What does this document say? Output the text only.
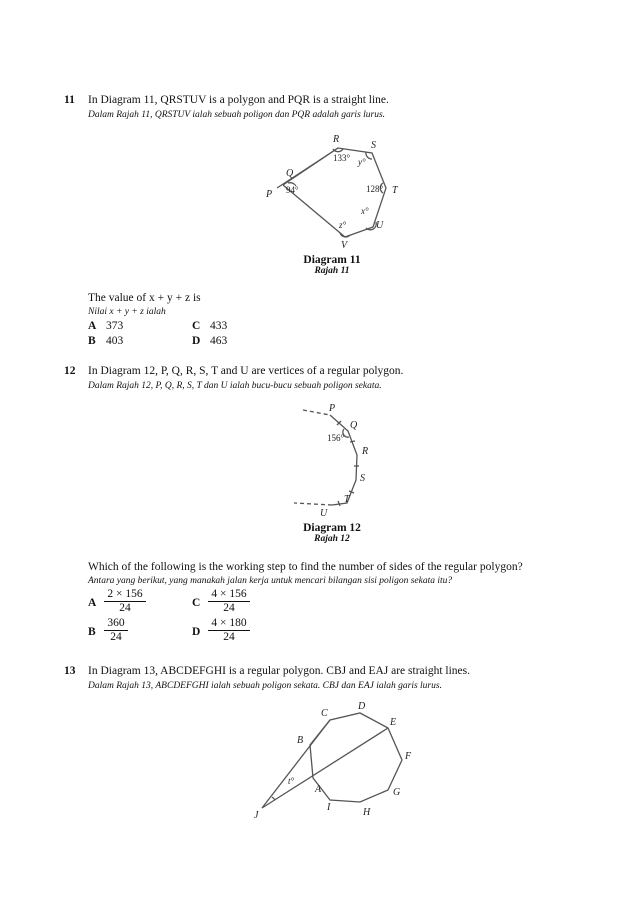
11 In Diagram 11, QRSTUV is a polygon and PQR is a straight line.
Dalam Rajah 11, QRSTUV ialah sebuah poligon dan PQR adalah garis lurus.
P
Q
R
S
T
U
V
94°
133° y°
128°
x°
z°
Diagram 11
Rajah 11
The value of x + y + z is
Nilai x + y + z ialah
A 373
B 403
C 433
D 463
12 In Diagram 12, P, Q, R, S, T and U are vertices of a regular polygon.
Dalam Rajah 12, P, Q, R, S, T dan U ialah bucu-bucu sebuah poligon sekata.
P
Q
R
S
T
U
156°
Diagram 12
Rajah 12
Which of the following is the working step to find the number of sides of the regular polygon?
Antara yang berikut, yang manakah jalan kerja untuk mencari bilangan sisi poligon sekata itu?
A $\frac{2 \times 156}{24}$
B $\frac{360}{24}$
C $\frac{4 \times 156}{24}$
D $\frac{4 \times 180}{24}$
13 In Diagram 13, ABCDEFGHI is a regular polygon. CBJ and EAJ are straight lines.
Dalam Rajah 13, ABCDEFGHI ialah sebuah poligon sekata. CBJ dan EAJ ialah garis lurus.
A
B
C
D
E
F
G
H
I
J
t°
